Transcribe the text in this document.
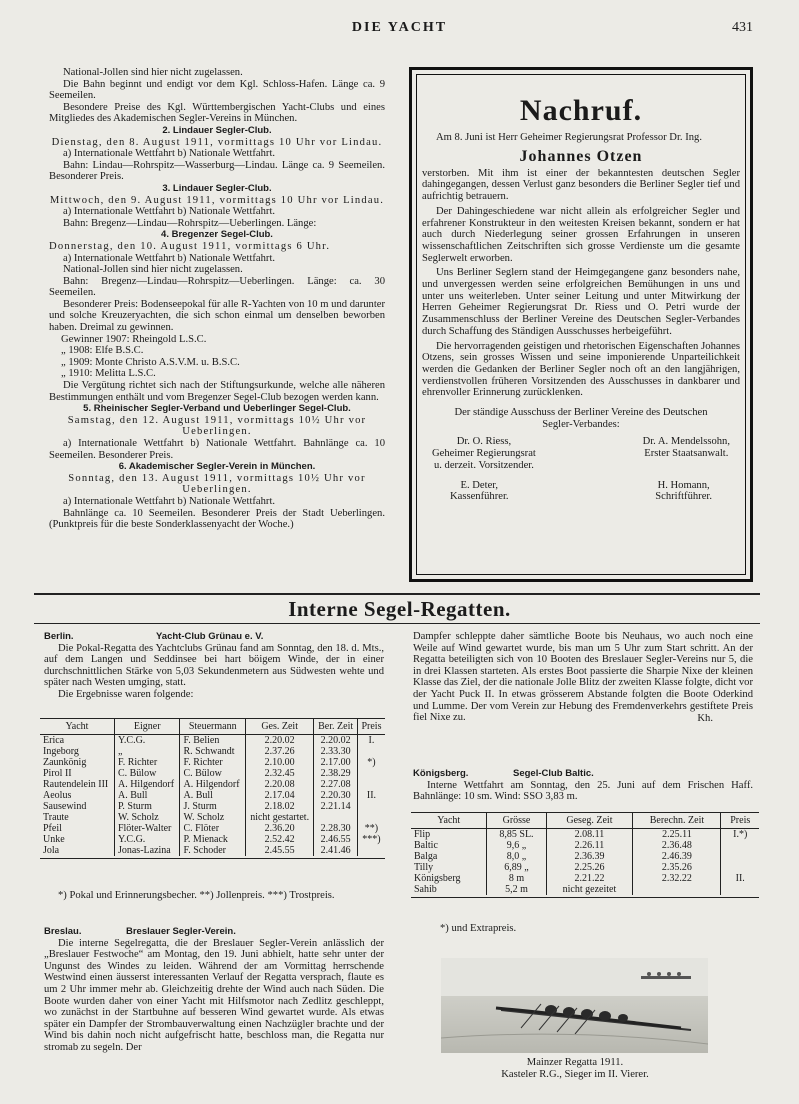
DIE YACHT	431

National-Jollen sind hier nicht zugelassen.

Die Bahn beginnt und endigt vor dem Kgl. Schloss-Hafen. Länge ca. 9 Seemeilen.

Besondere Preise des Kgl. Württembergischen Yacht-Clubs und eines Mitgliedes des Akademischen Segler-Vereins in München.

2. Lindauer Segler-Club.

Dienstag, den 8. August 1911, vormittags 10 Uhr vor Lindau.

a) Internationale Wettfahrt b) Nationale Wettfahrt.

Bahn: Lindau—Rohrspitz—Wasserburg—Lindau. Länge ca. 9 Seemeilen. Besonderer Preis.

3. Lindauer Segler-Club.

Mittwoch, den 9. August 1911, vormittags 10 Uhr vor Lindau.

a) Internationale Wettfahrt b) Nationale Wettfahrt.

Bahn: Bregenz—Lindau—Rohrspitz—Ueberlingen. Länge:

4. Bregenzer Segel-Club.

Donnerstag, den 10. August 1911, vormittags 6 Uhr.

a) Internationale Wettfahrt b) Nationale Wettfahrt.

National-Jollen sind hier nicht zugelassen.

Bahn: Bregenz—Lindau—Rohrspitz—Ueberlingen. Länge: ca. 30 Seemeilen.

Besonderer Preis: Bodenseepokal für alle R-Yachten von 10 m und darunter und solche Kreuzeryachten, die sich schon einmal um denselben beworben haben. Dreimal zu gewinnen.

Gewinner 1907: Rheingold L.S.C.

„ 1908: Elfe B.S.C.

„ 1909: Monte Christo A.S.V.M. u. B.S.C.

„ 1910: Melitta L.S.C.

Die Vergütung richtet sich nach der Stiftungsurkunde, welche alle näheren Bestimmungen enthält und vom Bregenzer Segel-Club bezogen werden kann.

5. Rheinischer Segler-Verband und Ueberlinger Segel-Club.

Samstag, den 12. August 1911, vormittags 10½ Uhr vor Ueberlingen.

a) Internationale Wettfahrt b) Nationale Wettfahrt. Bahnlänge ca. 10 Seemeilen. Besonderer Preis.

6. Akademischer Segler-Verein in München.

Sonntag, den 13. August 1911, vormittags 10½ Uhr vor Ueberlingen.

a) Internationale Wettfahrt b) Nationale Wettfahrt.

Bahnlänge ca. 10 Seemeilen. Besonderer Preis der Stadt Ueberlingen. (Punktpreis für die beste Sonderklassenyacht der Woche.)

Nachruf.

Am 8. Juni ist Herr Geheimer Regierungsrat Professor Dr. Ing.

Johannes Otzen

verstorben. Mit ihm ist einer der bekanntesten deutschen Segler dahingegangen, dessen Verlust ganz besonders die Berliner Segler tief und aufrichtig betrauern.

Der Dahingeschiedene war nicht allein als erfolgreicher Segler und erfahrener Konstrukteur in den weitesten Kreisen bekannt, sondern er hat auch durch Niederlegung seiner grossen Erfahrungen in unseren wissenschaftlichen Zeitschriften sich grosse Verdienste um die gesamte Seglerwelt erworben.

Uns Berliner Seglern stand der Heimgegangene ganz besonders nahe, und unvergessen werden seine erfolgreichen Bemühungen in uns und unter uns weiterleben. Unter seiner Leitung und unter Mitwirkung der Herren Geheimer Regierungsrat Dr. Riess und O. Petri wurde der Zusammenschluss der Berliner Vereine des Deutschen Segler-Verbandes durch Schaffung des Ständigen Ausschusses herbeigeführt.

Die hervorragenden geistigen und rhetorischen Eigenschaften Johannes Otzens, sein grosses Wissen und seine imponierende Unparteilichkeit werden die Gedanken der Berliner Segler noch oft an den langjährigen, verdienstvollen früheren Vorsitzenden des Ausschusses in dankbarer und ehrenvoller Erinnerung zurücklenken.

Der ständige Ausschuss der Berliner Vereine des Deutschen Segler-Verbandes:

Dr. O. Riess,
Geheimer Regierungsrat
u. derzeit. Vorsitzender.
Dr. A. Mendelssohn,
Erster Staatsanwalt.
E. Deter,
Kassenführer.
H. Homann,
Schriftführer.
Interne Segel-Regatten.
Berlin.	Yacht-Club Grünau e. V.

Die Pokal-Regatta des Yachtclubs Grünau fand am Sonntag, den 18. d. Mts., auf dem Langen und Seddinsee bei hart böigem Winde, der in einer durchschnittlichen Stärke von 5,03 Sekundenmetern aus Südwesten wehte und später nach Westen umging, statt.

Die Ergebnisse waren folgende:

Yacht	Eigner	Steuermann	Ges. Zeit	Ber. Zeit	Preis
Erica	Y.C.G.	F. Belien	2.20.02	2.20.02	I.
Ingeborg	„	R. Schwandt	2.37.26	2.33.30	
Zaunkönig	F. Richter	F. Richter	2.10.00	2.17.00	*)
Pirol II	C. Bülow	C. Bülow	2.32.45	2.38.29	
Rautendelein III	A. Hilgendorf	A. Hilgendorf	2.20.08	2.27.08	
Aeolus	A. Bull	A. Bull	2.17.04	2.20.30	II.
Sausewind	P. Sturm	J. Sturm	2.18.02	2.21.14	
Traute	W. Scholz	W. Scholz	nicht gestartet.		
Pfeil	Flöter-Walter	C. Flöter	2.36.20	2.28.30	**)
Unke	Y.C.G.	P. Mienack	2.52.42	2.46.55	***)
Jola	Jonas-Lazina	F. Schoder	2.45.55	2.41.46	

*) Pokal und Erinnerungsbecher. **) Jollenpreis. ***) Trostpreis.
Breslau.	Breslauer Segler-Verein.

Die interne Segelregatta, die der Breslauer Segler-Verein anlässlich der „Breslauer Festwoche“ am Montag, den 19. Juni abhielt, hatte sehr unter der Ungunst des Windes zu leiden. Während der am Vormittag herrschende Westwind einen äusserst interessanten Verlauf der Regatta versprach, flaute es um 2 Uhr immer mehr ab. Gleichzeitig drehte der Wind auch nach Süden. Die Boote wurden daher von einer Yacht mit Hilfsmotor nach Zedlitz geschleppt, wo zunächst in der Startbuhne auf besseren Wind gewartet wurde. Als etwas später ein Dampfer der Strombauverwaltung einen Nachzügler brachte und der Wind bis dahin noch nicht aufgefrischt hatte, beschloss man, die Regatta nur stromab zu segeln. Der

Dampfer schleppte daher sämtliche Boote bis Neuhaus, wo auch noch eine Weile auf Wind gewartet wurde, bis man um 5 Uhr zum Start schritt. An der Regatta beteiligten sich von 10 Booten des Breslauer Segler-Vereins nur 5, die in drei Klassen starteten. Als erstes Boot passierte die Sharpie Nixe der kleinen Klasse das Ziel, der die nationale Jolle Blitz der zweiten Klasse folgte, dicht vor der Yacht Puck II. In etwas grösserem Abstande folgten die Boote Oderkind und Lumme. Der vom Verein zur Hebung des Fremdenverkehrs gestiftete Preis fiel Nixe zu.	Kh.
Königsberg.	Segel-Club Baltic.

Interne Wettfahrt am Sonntag, den 25. Juni auf dem Frischen Haff. Bahnlänge: 10 sm. Wind: SSO 3,83 m.

Yacht	Grösse	Geseg. Zeit	Berechn. Zeit	Preis
Flip	8,85 SL.	2.08.11	2.25.11	I.*)
Baltic	9,6 „	2.26.11	2.36.48	
Balga	8,0 „	2.36.39	2.46.39	
Tilly	6,89 „	2.25.26	2.35.26	
Königsberg	8 m	2.21.22	2.32.22	II.
Sahib	5,2 m	nicht gezeitet		

*) und Extrapreis.
Mainzer Regatta 1911.
Kasteler R.G., Sieger im II. Vierer.
